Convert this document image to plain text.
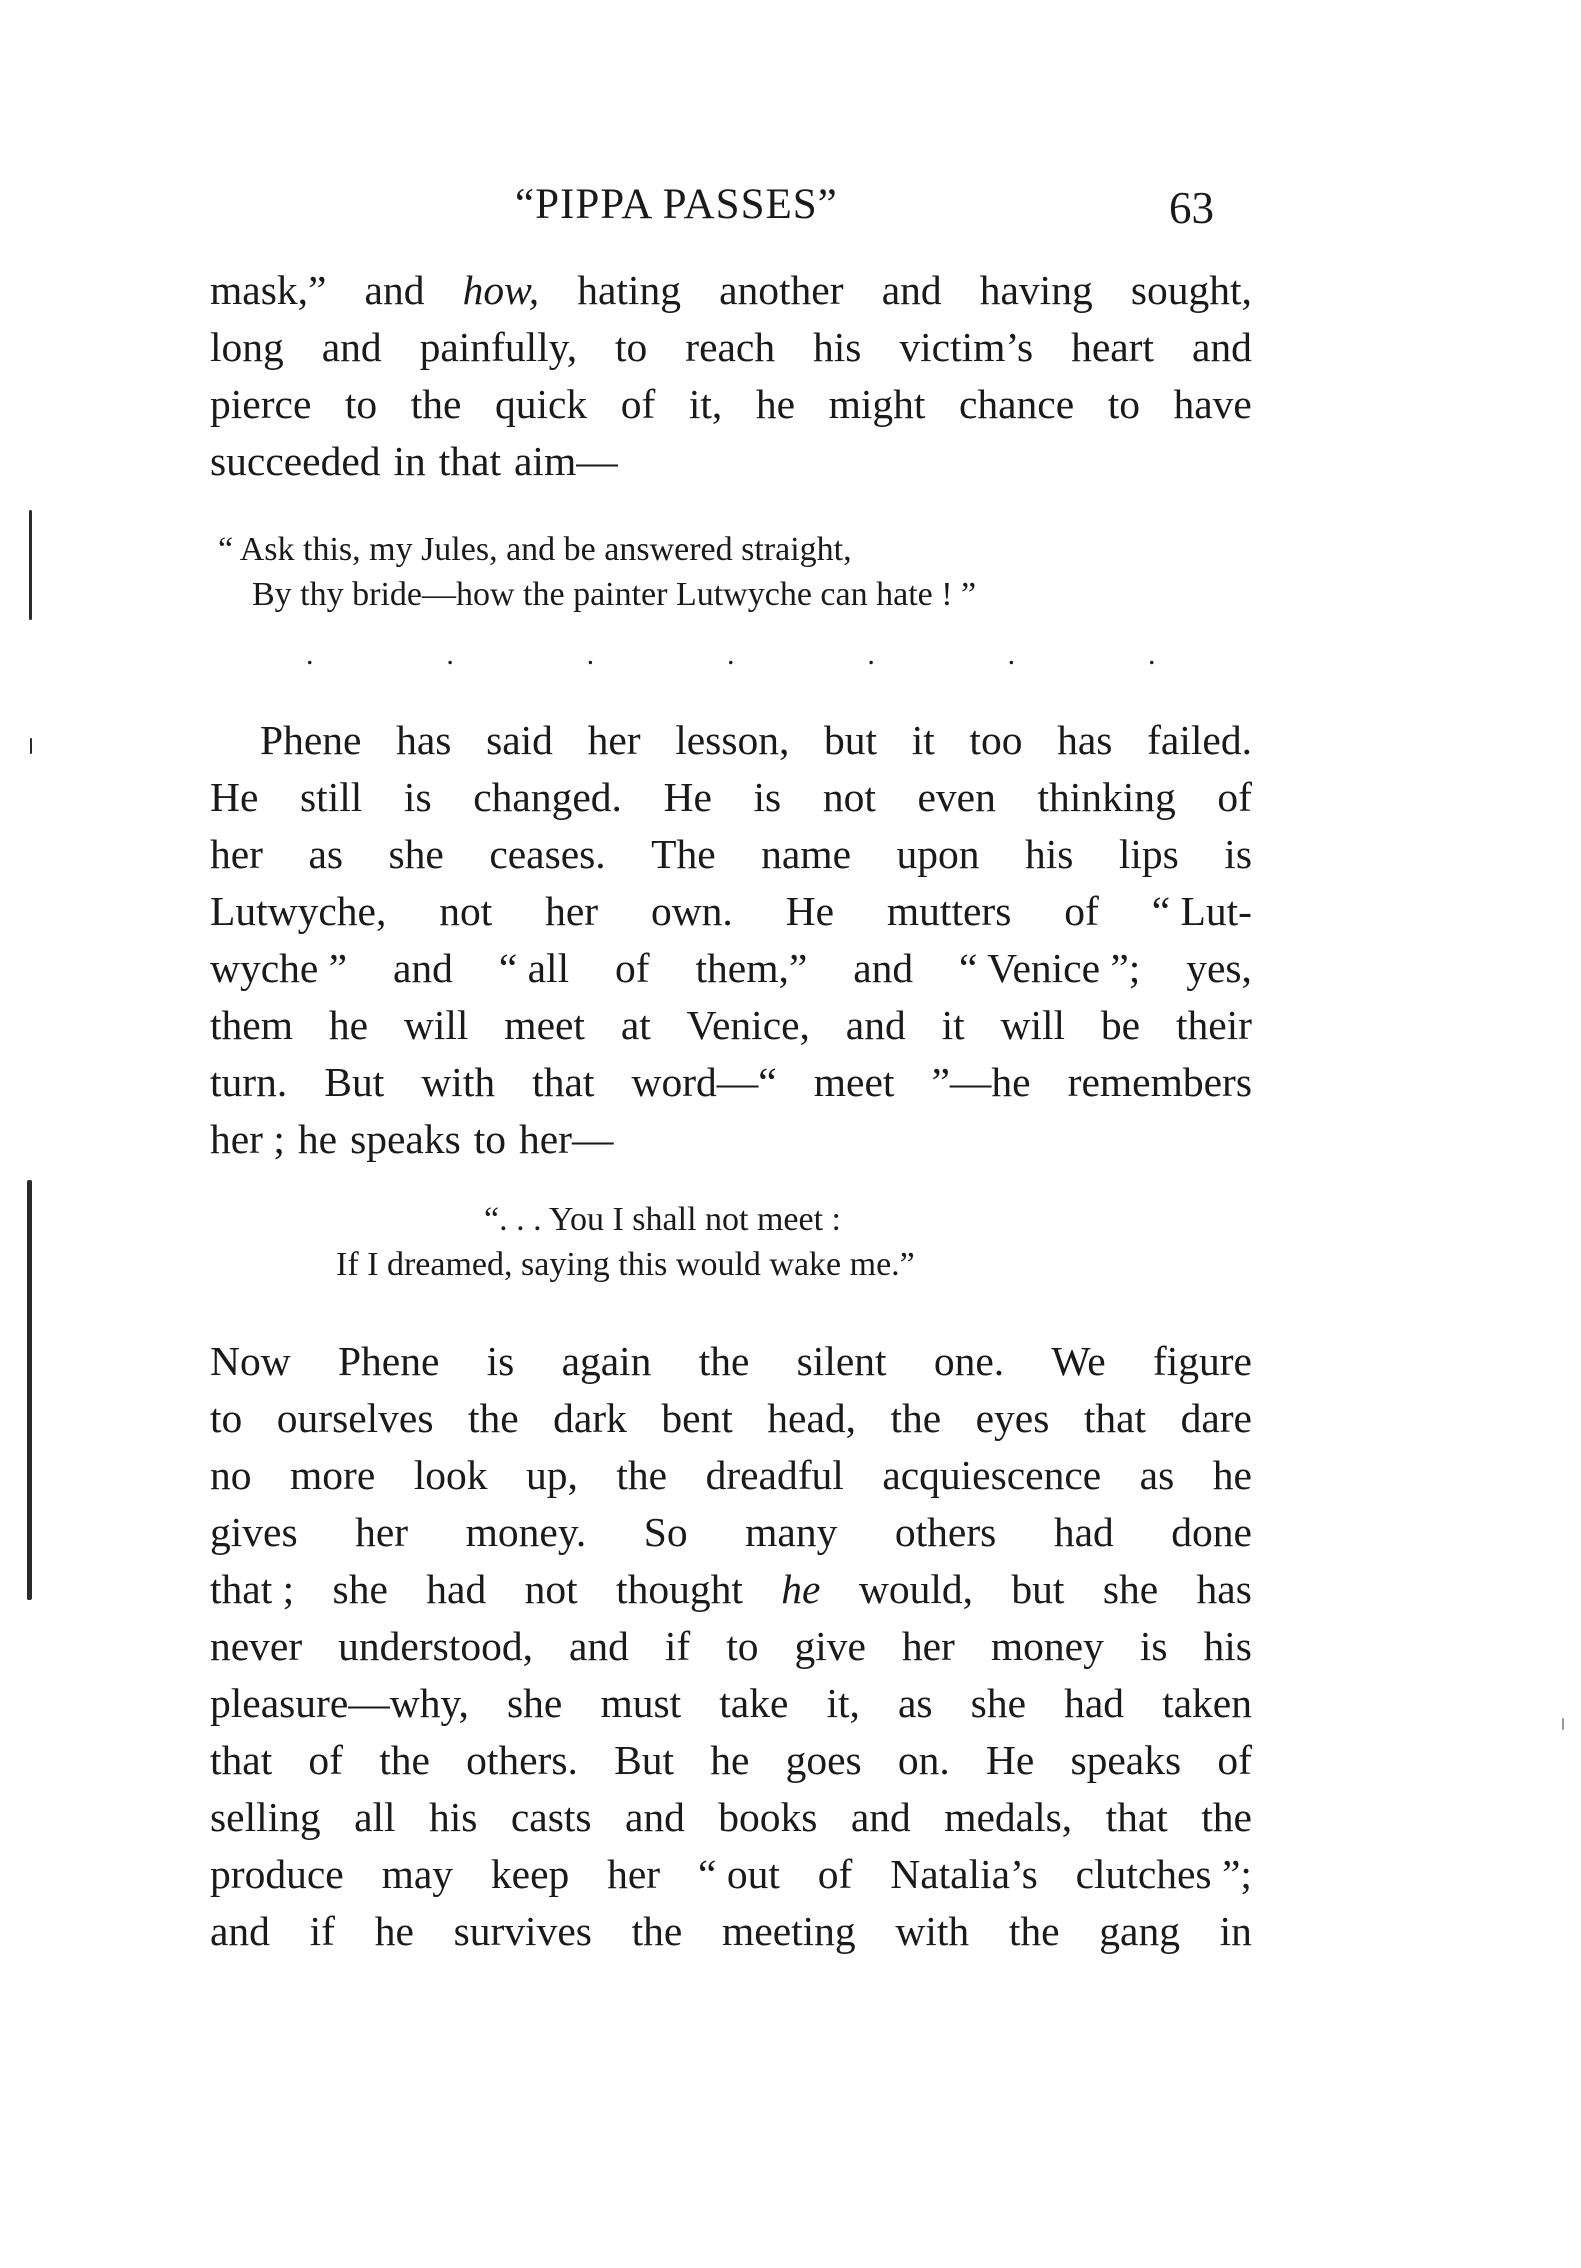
“PIPPA PASSES”	63
mask,” and how, hating another and having sought,
long and painfully, to reach his victim’s heart and
pierce to the quick of it, he might chance to have
succeeded in that aim—
“ Ask this, my Jules, and be answered straight,
By thy bride—how the painter Lutwyche can hate ! ”
.	.	.	.	.	.	.
Phene has said her lesson, but it too has failed.
He still is changed. He is not even thinking of
her as she ceases. The name upon his lips is
Lutwyche, not her own. He mutters of “ Lut-
wyche ” and “ all of them,” and “ Venice ”; yes,
them he will meet at Venice, and it will be their
turn. But with that word—“ meet ”—he remembers
her ; he speaks to her—
“. . . You I shall not meet :
If I dreamed, saying this would wake me.”
Now Phene is again the silent one. We figure
to ourselves the dark bent head, the eyes that dare
no more look up, the dreadful acquiescence as he
gives her money. So many others had done
that ; she had not thought he would, but she has
never understood, and if to give her money is his
pleasure—why, she must take it, as she had taken
that of the others. But he goes on. He speaks of
selling all his casts and books and medals, that the
produce may keep her “ out of Natalia’s clutches ”;
and if he survives the meeting with the gang in
